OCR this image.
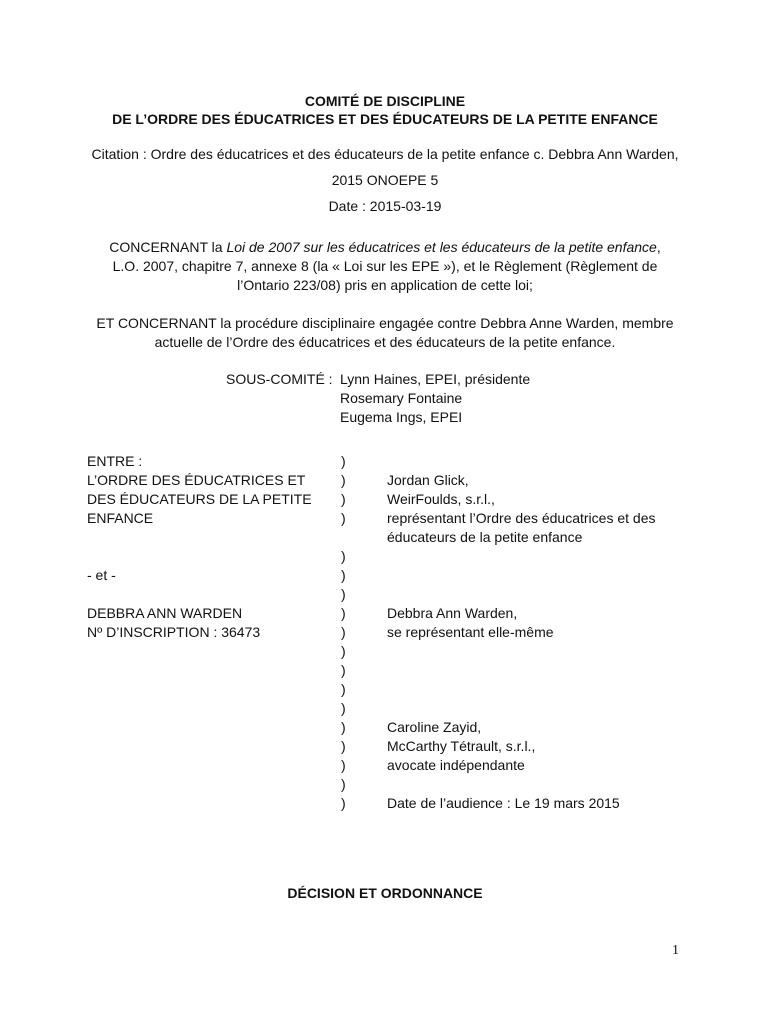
COMITÉ DE DISCIPLINE
DE L’ORDRE DES ÉDUCATRICES ET DES ÉDUCATEURS DE LA PETITE ENFANCE
Citation : Ordre des éducatrices et des éducateurs de la petite enfance c. Debbra Ann Warden,
2015 ONOEPE 5
Date : 2015-03-19
CONCERNANT la Loi de 2007 sur les éducatrices et les éducateurs de la petite enfance,
L.O. 2007, chapitre 7, annexe 8 (la « Loi sur les EPE »), et le Règlement (Règlement de
l’Ontario 223/08) pris en application de cette loi;
ET CONCERNANT la procédure disciplinaire engagée contre Debbra Anne Warden, membre
actuelle de l’Ordre des éducatrices et des éducateurs de la petite enfance.
SOUS-COMITÉ : Lynn Haines, EPEI, présidente
Rosemary Fontaine
Eugema Ings, EPEI
ENTRE :
L’ORDRE DES ÉDUCATRICES ET
DES ÉDUCATEURS DE LA PETITE
ENFANCE
- et -
DEBBRA ANN WARDEN
Nº D’INSCRIPTION : 36473
)
)
)
)
)
)
)
)
)
)
)
)
)
)
)
)
)
)
Jordan Glick,
WeirFoulds, s.r.l.,
représentant l’Ordre des éducatrices et des
éducateurs de la petite enfance
Debbra Ann Warden,
se représentant elle-même
Caroline Zayid,
McCarthy Tétrault, s.r.l.,
avocate indépendante
Date de l’audience : Le 19 mars 2015
DÉCISION ET ORDONNANCE
1
